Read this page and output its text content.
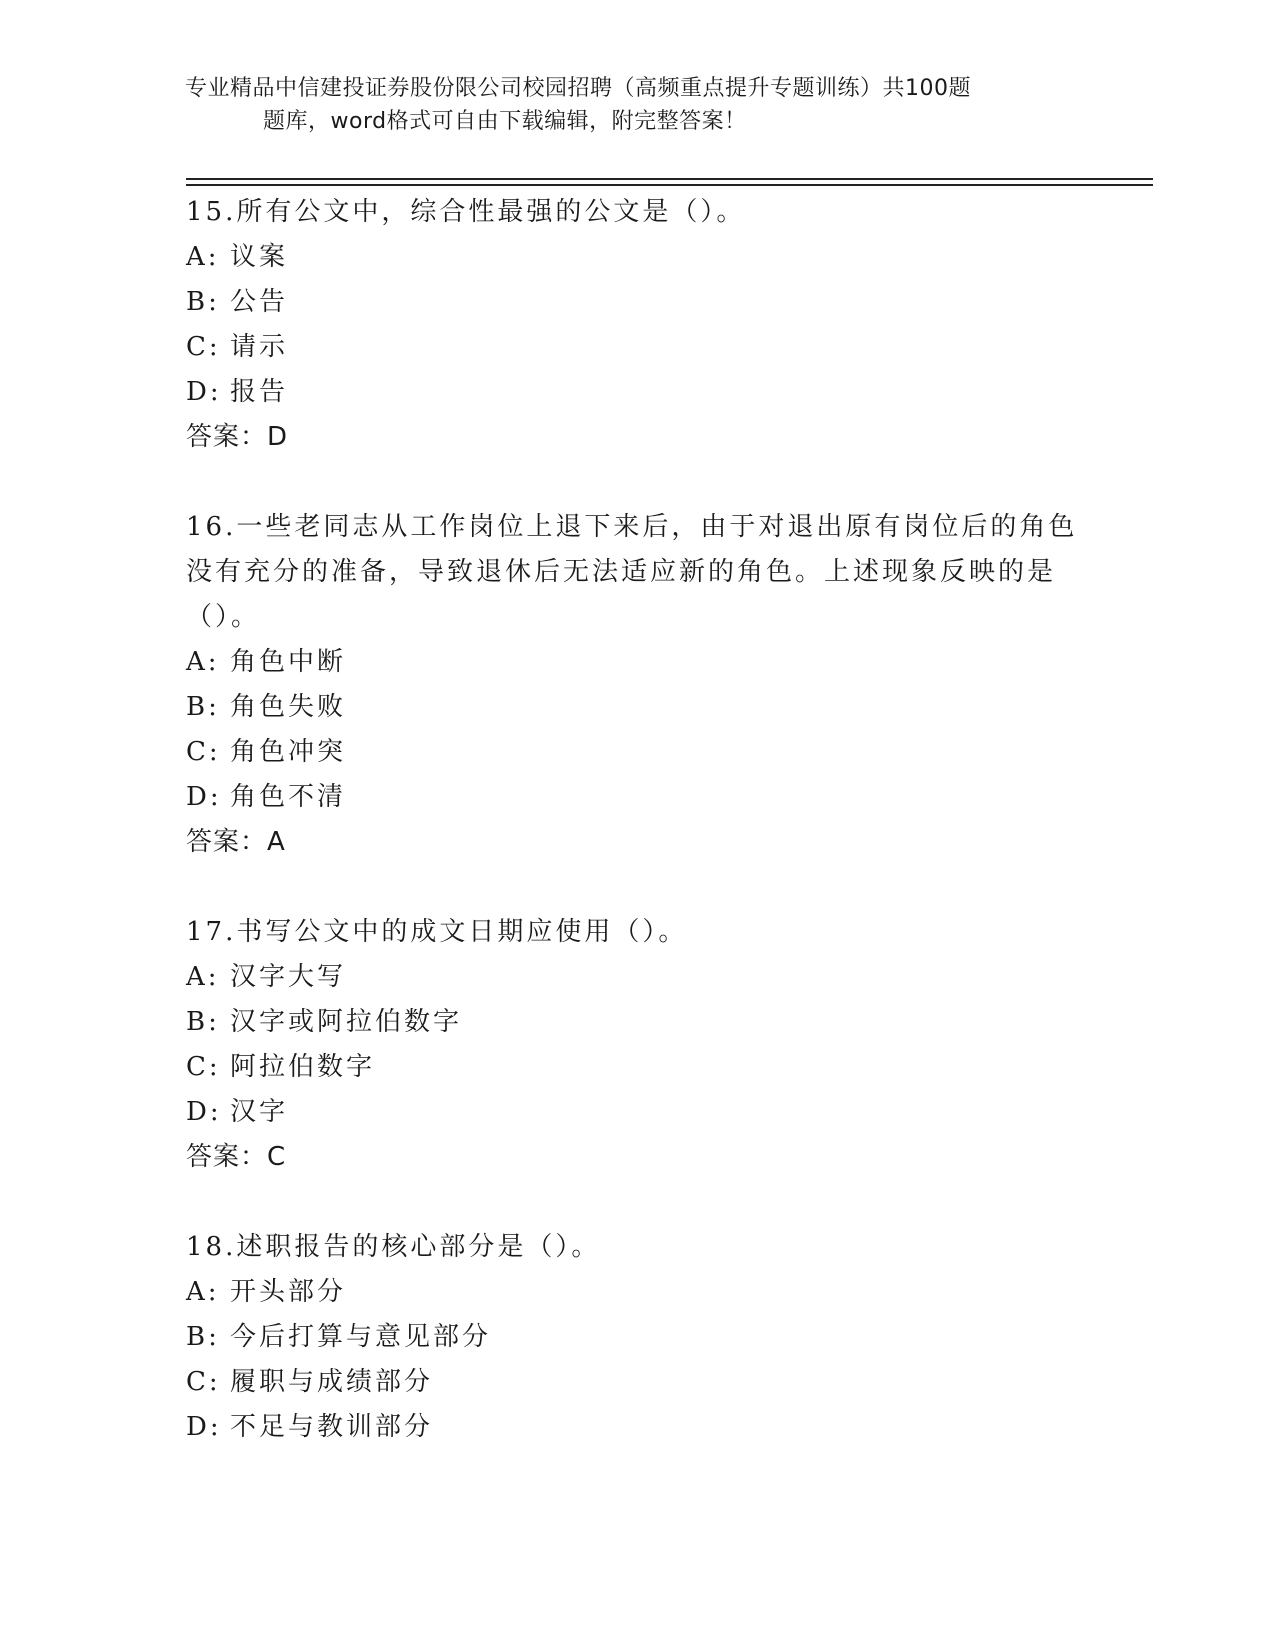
专业精品中信建投证券股份限公司校园招聘（高频重点提升专题训练）共100题
题库，word格式可自由下载编辑，附完整答案！

15.所有公文中，综合性最强的公文是（）。

A: 议案
B: 公告
C: 请示
D: 报告
答案：D

16.一些老同志从工作岗位上退下来后，由于对退出原有岗位后的角色没有充分的准备，导致退休后无法适应新的角色。上述现象反映的是（）。

A: 角色中断
B: 角色失败
C: 角色冲突
D: 角色不清
答案：A

17.书写公文中的成文日期应使用（）。

A: 汉字大写
B: 汉字或阿拉伯数字
C: 阿拉伯数字
D: 汉字
答案：C

18.述职报告的核心部分是（）。

A: 开头部分
B: 今后打算与意见部分
C: 履职与成绩部分
D: 不足与教训部分
